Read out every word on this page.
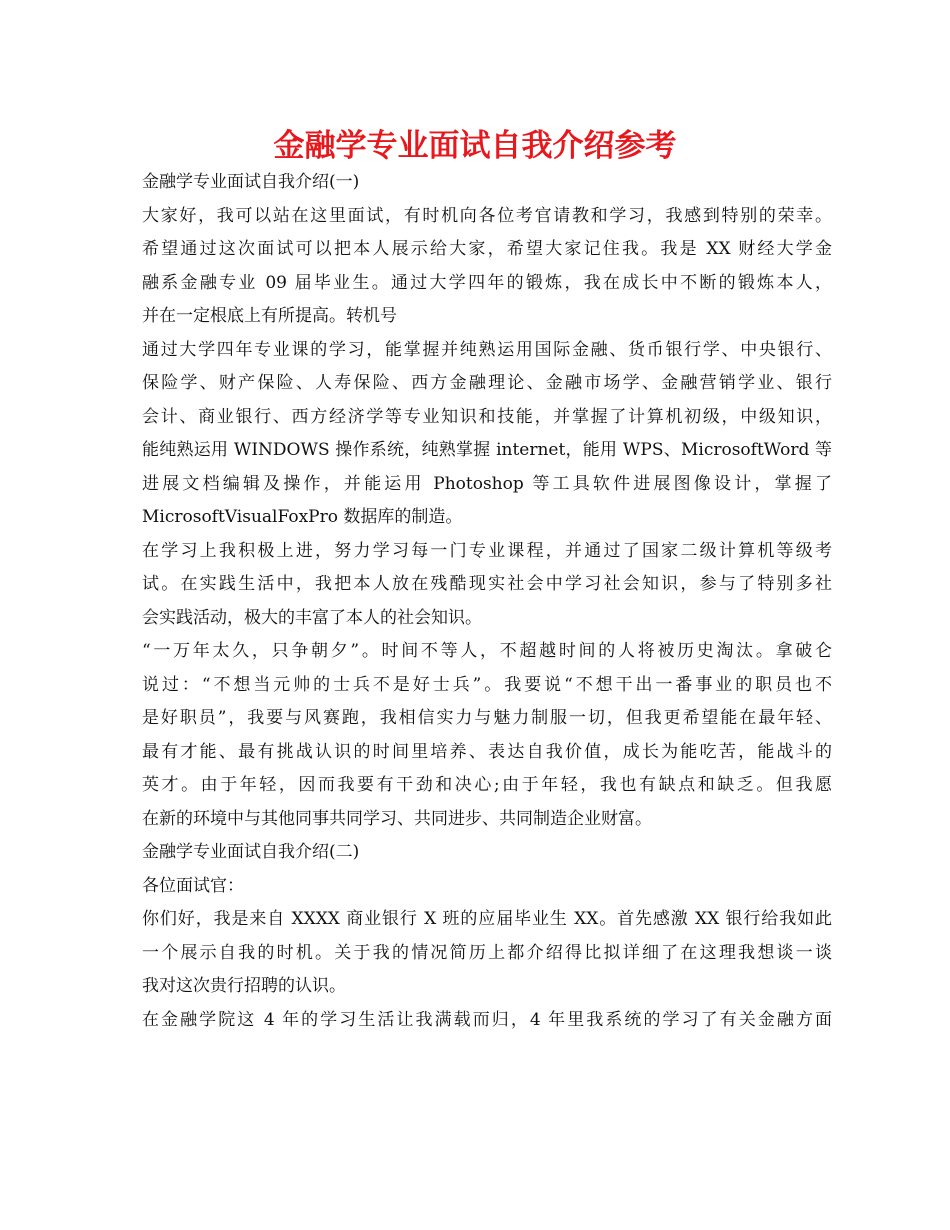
金融学专业面试自我介绍参考
金融学专业面试自我介绍(一)
大家好，我可以站在这里面试，有时机向各位考官请教和学习，我感到特别的荣幸。
希望通过这次面试可以把本人展示给大家，希望大家记住我。我是 XX 财经大学金
融系金融专业 09 届毕业生。通过大学四年的锻炼，我在成长中不断的锻炼本人，
并在一定根底上有所提高。转机号
通过大学四年专业课的学习，能掌握并纯熟运用国际金融、货币银行学、中央银行、
保险学、财产保险、人寿保险、西方金融理论、金融市场学、金融营销学业、银行
会计、商业银行、西方经济学等专业知识和技能，并掌握了计算机初级，中级知识，
能纯熟运用 WINDOWS 操作系统，纯熟掌握 internet，能用 WPS、MicrosoftWord 等
进展文档编辑及操作，并能运用 Photoshop 等工具软件进展图像设计，掌握了
MicrosoftVisualFoxPro 数据库的制造。
在学习上我积极上进，努力学习每一门专业课程，并通过了国家二级计算机等级考
试。在实践生活中，我把本人放在残酷现实社会中学习社会知识，参与了特别多社
会实践活动，极大的丰富了本人的社会知识。
“一万年太久，只争朝夕”。时间不等人，不超越时间的人将被历史淘汰。拿破仑
说过：“不想当元帅的士兵不是好士兵”。我要说“不想干出一番事业的职员也不
是好职员”，我要与风赛跑，我相信实力与魅力制服一切，但我更希望能在最年轻、
最有才能、最有挑战认识的时间里培养、表达自我价值，成长为能吃苦，能战斗的
英才。由于年轻，因而我要有干劲和决心;由于年轻，我也有缺点和缺乏。但我愿
在新的环境中与其他同事共同学习、共同进步、共同制造企业财富。
金融学专业面试自我介绍(二)
各位面试官：
你们好，我是来自 XXXX 商业银行 X 班的应届毕业生 XX。首先感激 XX 银行给我如此
一个展示自我的时机。关于我的情况简历上都介绍得比拟详细了在这理我想谈一谈
我对这次贵行招聘的认识。
在金融学院这 4 年的学习生活让我满载而归，4 年里我系统的学习了有关金融方面
